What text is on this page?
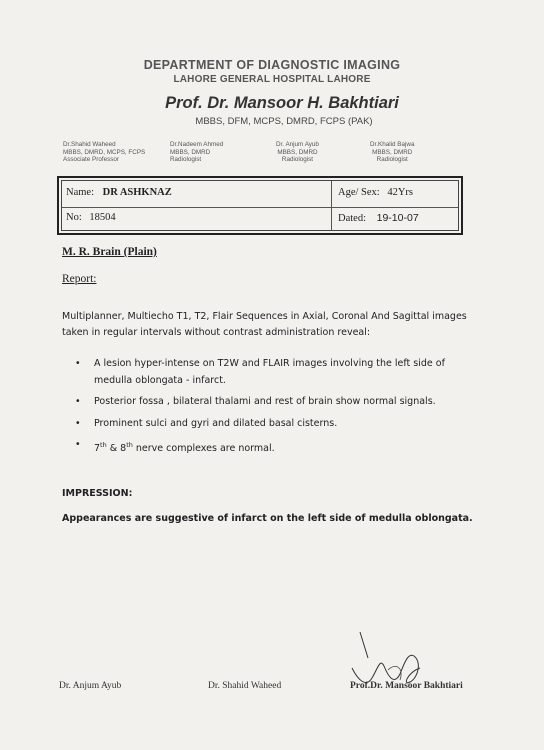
DEPARTMENT OF DIAGNOSTIC IMAGING
LAHORE GENERAL HOSPITAL LAHORE
Prof. Dr. Mansoor H. Bakhtiari
MBBS, DFM, MCPS, DMRD, FCPS (PAK)
Dr.Shahid Waheed
MBBS, DMRD, MCPS, FCPS
Associate Professor
Dr.Nadeem Ahmed
MBBS, DMRD
Radiologist
Dr. Anjum Ayub
MBBS, DMRD
Radiologist
Dr.Khalid Bajwa
MBBS, DMRD
Radiologist
Name: DR ASHKNAZ	Age/ Sex: 42Yrs
No: 18504	Dated: 19-10-07
M. R. Brain (Plain)
Report:
Multiplanner, Multiecho T1, T2, Flair Sequences in Axial, Coronal And Sagittal images taken in regular intervals without contrast administration reveal:
• A lesion hyper-intense on T2W and FLAIR images involving the left side of medulla oblongata - infarct.
• Posterior fossa , bilateral thalami and rest of brain show normal signals.
• Prominent sulci and gyri and dilated basal cisterns.
• 7th & 8th nerve complexes are normal.
IMPRESSION:
Appearances are suggestive of infarct on the left side of medulla oblongata.
Dr. Anjum Ayub	Dr. Shahid Waheed	Prof.Dr. Mansoor Bakhtiari
